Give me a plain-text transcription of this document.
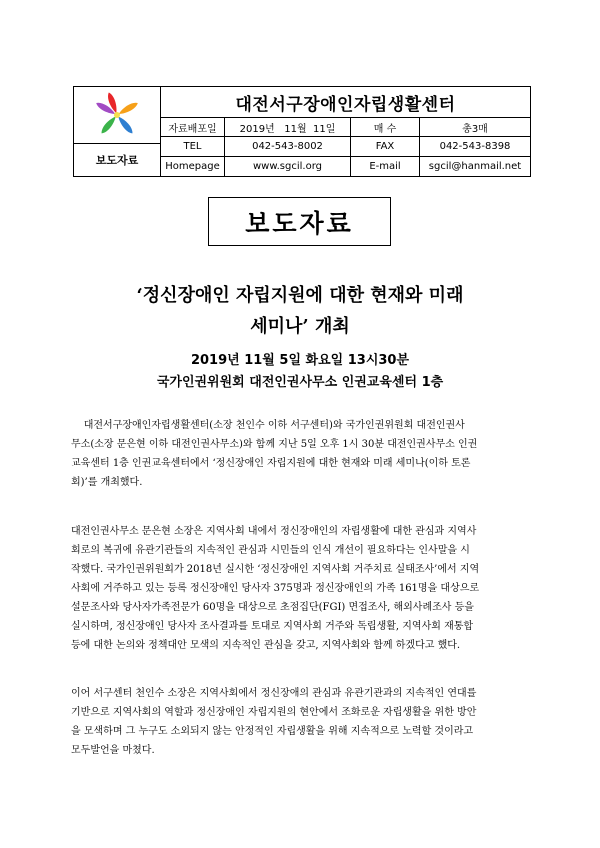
보도자료
대전서구장애인자립생활센터
자료배포일	2019년   11월  11일	매 수	총3매
TEL	042-543-8002	FAX	042-543-8398
Homepage	www.sgcil.org	E-mail	sgcil@hanmail.net
보도자료
‘정신장애인 자립지원에 대한 현재와 미래
세미나’ 개최
2019년 11월 5일 화요일 13시30분
국가인권위원회 대전인권사무소 인권교육센터 1층
대전서구장애인자립생활센터(소장 천인수 이하 서구센터)와 국가인권위원회 대전인권사
무소(소장 문은현 이하 대전인권사무소)와 함께 지난 5일 오후 1시 30분 대전인권사무소 인권
교육센터 1층 인권교육센터에서 ‘정신장애인 자립지원에 대한 현재와 미래 세미나(이하 토론
회)’를 개최했다.
대전인권사무소 문은현 소장은 지역사회 내에서 정신장애인의 자립생활에 대한 관심과 지역사
회로의 복귀에 유관기관들의 지속적인 관심과 시민들의 인식 개선이 필요하다는 인사말을 시
작했다. 국가인권위원회가 2018년 실시한 ‘정신장애인 지역사회 거주치료 실태조사’에서 지역
사회에 거주하고 있는 등록 정신장애인 당사자 375명과 정신장애인의 가족 161명을 대상으로
설문조사와 당사자가족전문가 60명을 대상으로 초점집단(FGI) 면접조사, 해외사례조사 등을
실시하며, 정신장애인 당사자 조사결과를 토대로 지역사회 거주와 독립생활, 지역사회 재통합
등에 대한 논의와 정책대안 모색의 지속적인 관심을 갖고, 지역사회와 함께 하겠다고 했다.
이어 서구센터 천인수 소장은 지역사회에서 정신장애의 관심과 유관기관과의 지속적인 연대를
기반으로 지역사회의 역할과 정신장애인 자립지원의 현안에서 조화로운 자립생활을 위한 방안
을 모색하며 그 누구도 소외되지 않는 안정적인 자립생활을 위해 지속적으로 노력할 것이라고
모두발언을 마쳤다.
